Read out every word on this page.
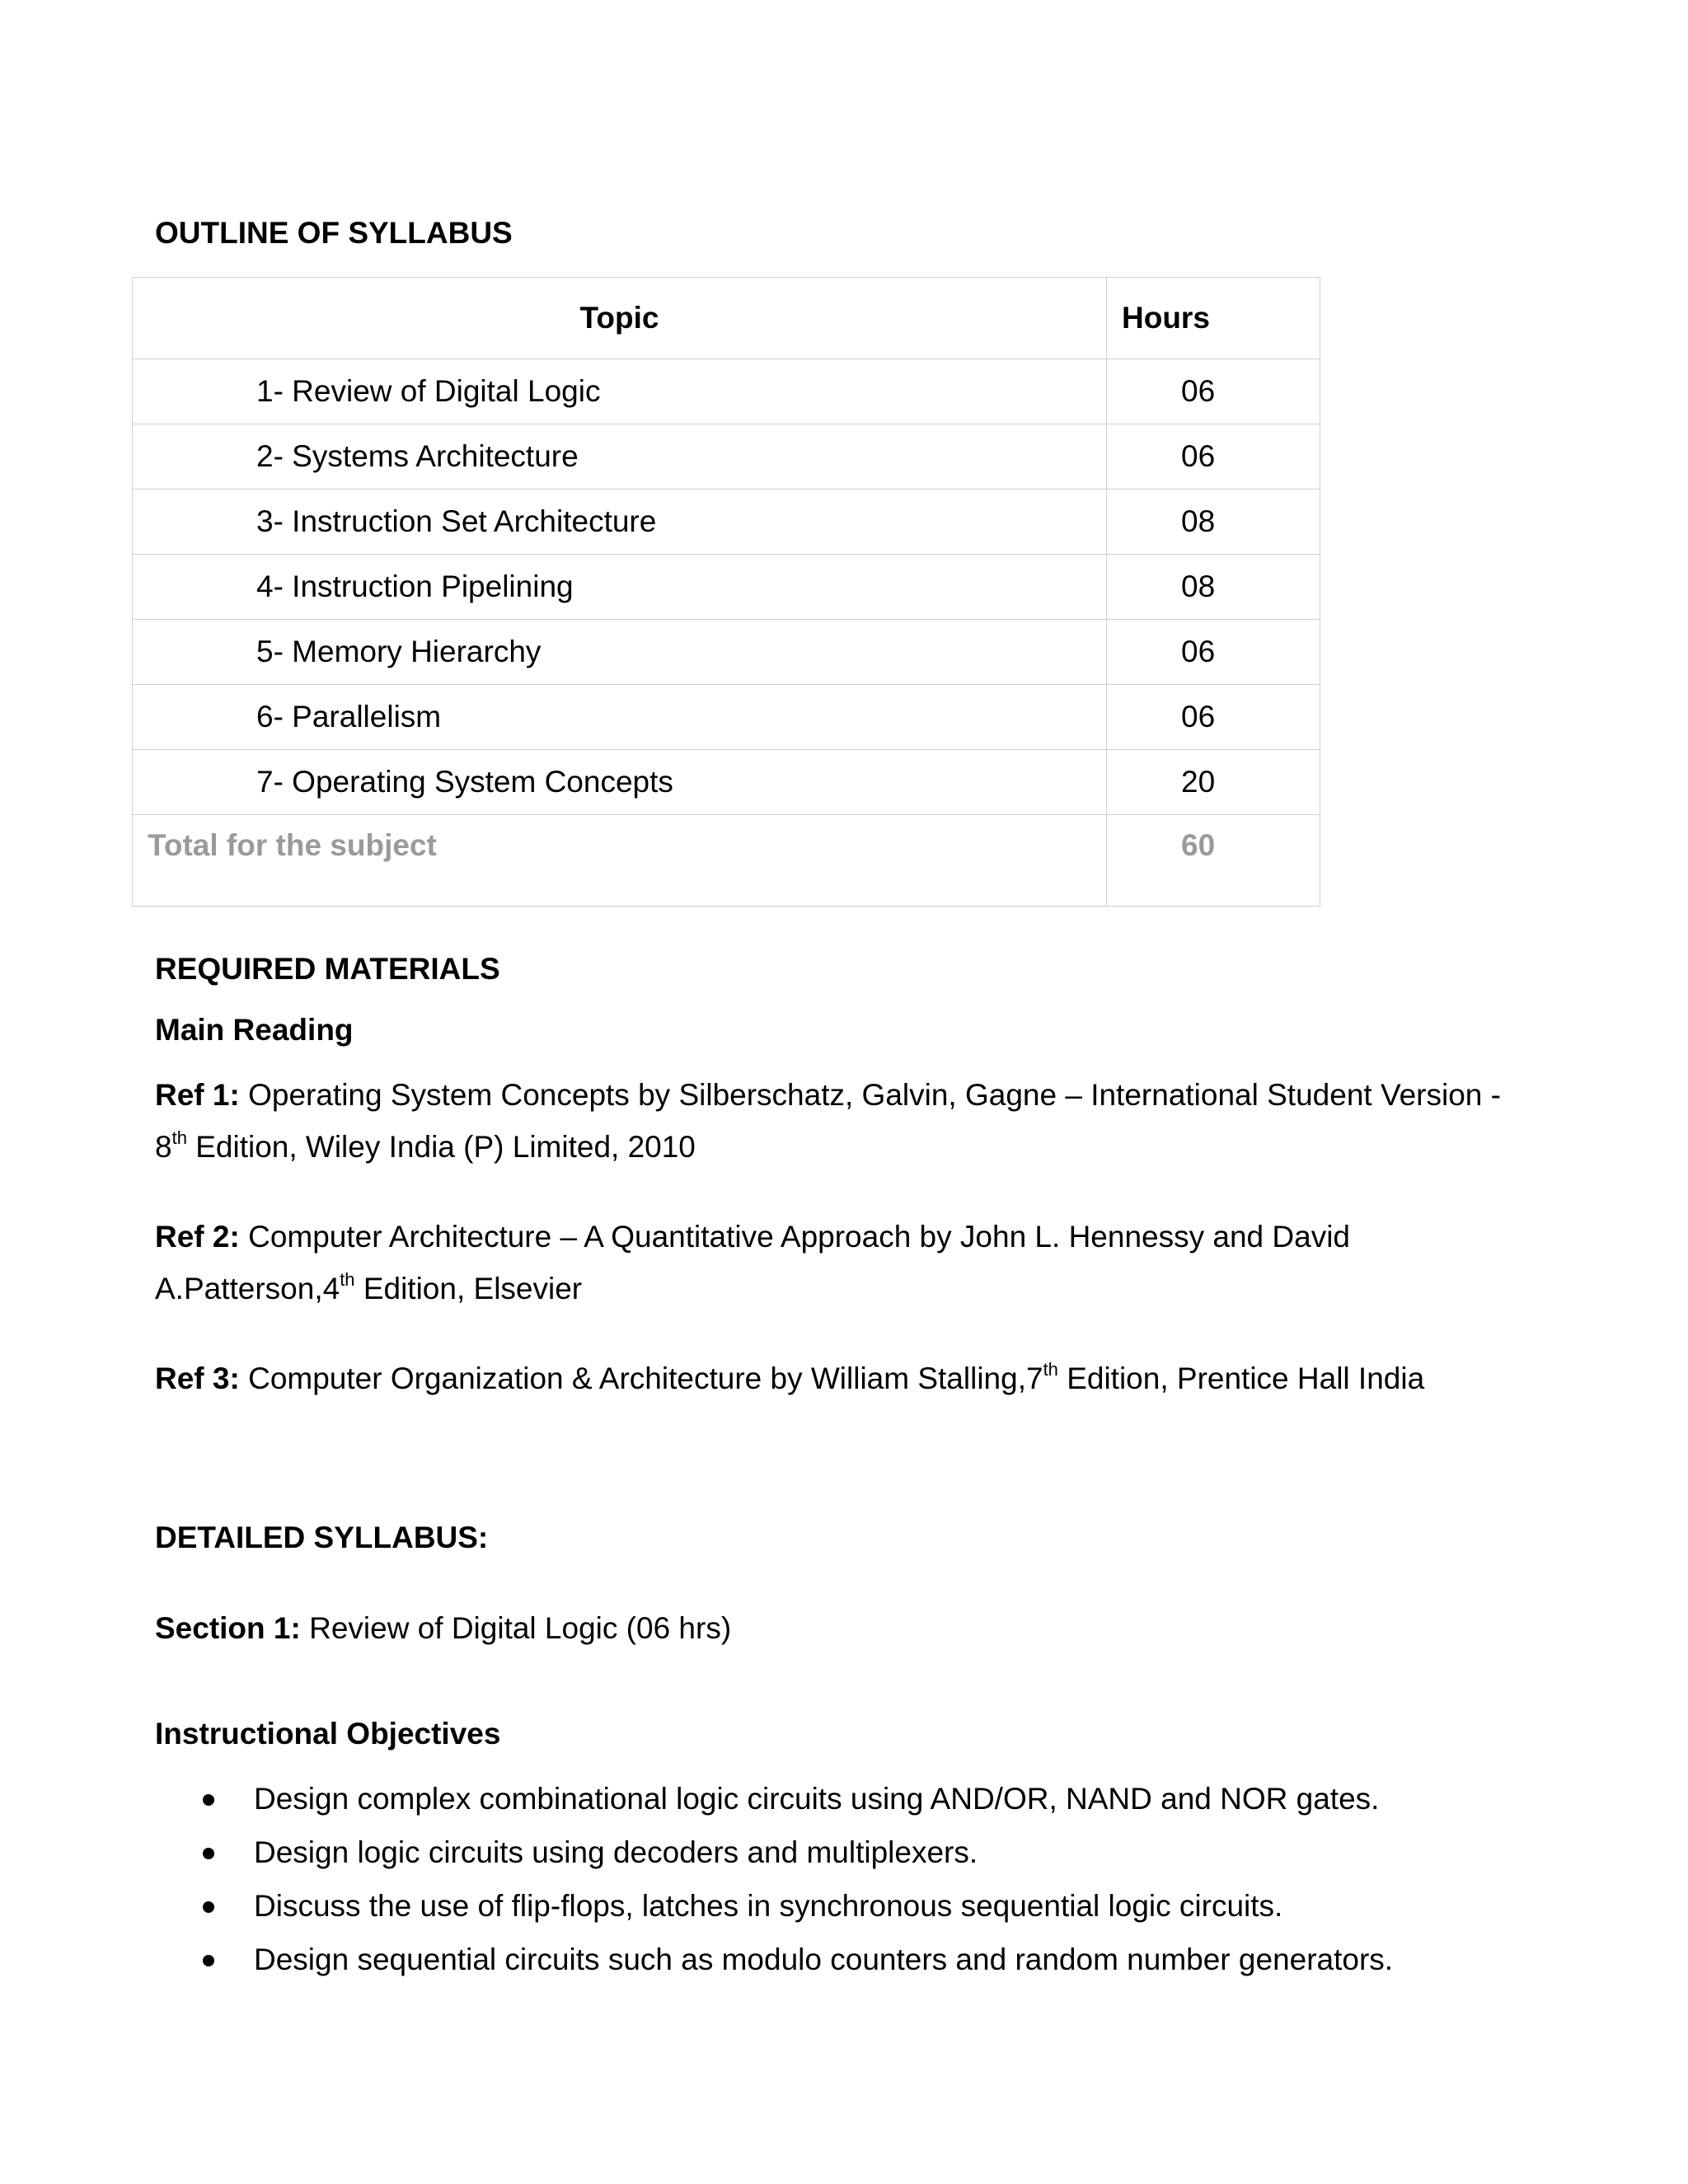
OUTLINE OF SYLLABUS
Topic	Hours
1- Review of Digital Logic	06
2- Systems Architecture	06
3- Instruction Set Architecture	08
4- Instruction Pipelining	08
5- Memory Hierarchy	06
6- Parallelism	06
7- Operating System Concepts	20
Total for the subject	60
REQUIRED MATERIALS
Main Reading
Ref 1: Operating System Concepts by Silberschatz, Galvin, Gagne – International Student Version -
8th Edition, Wiley India (P) Limited, 2010
Ref 2: Computer Architecture – A Quantitative Approach by John L. Hennessy and David
A.Patterson,4th Edition, Elsevier
Ref 3: Computer Organization & Architecture by William Stalling,7th Edition, Prentice Hall India
DETAILED SYLLABUS:
Section 1: Review of Digital Logic (06 hrs)
Instructional Objectives
Design complex combinational logic circuits using AND/OR, NAND and NOR gates.
Design logic circuits using decoders and multiplexers.
Discuss the use of flip-flops, latches in synchronous sequential logic circuits.
Design sequential circuits such as modulo counters and random number generators.
